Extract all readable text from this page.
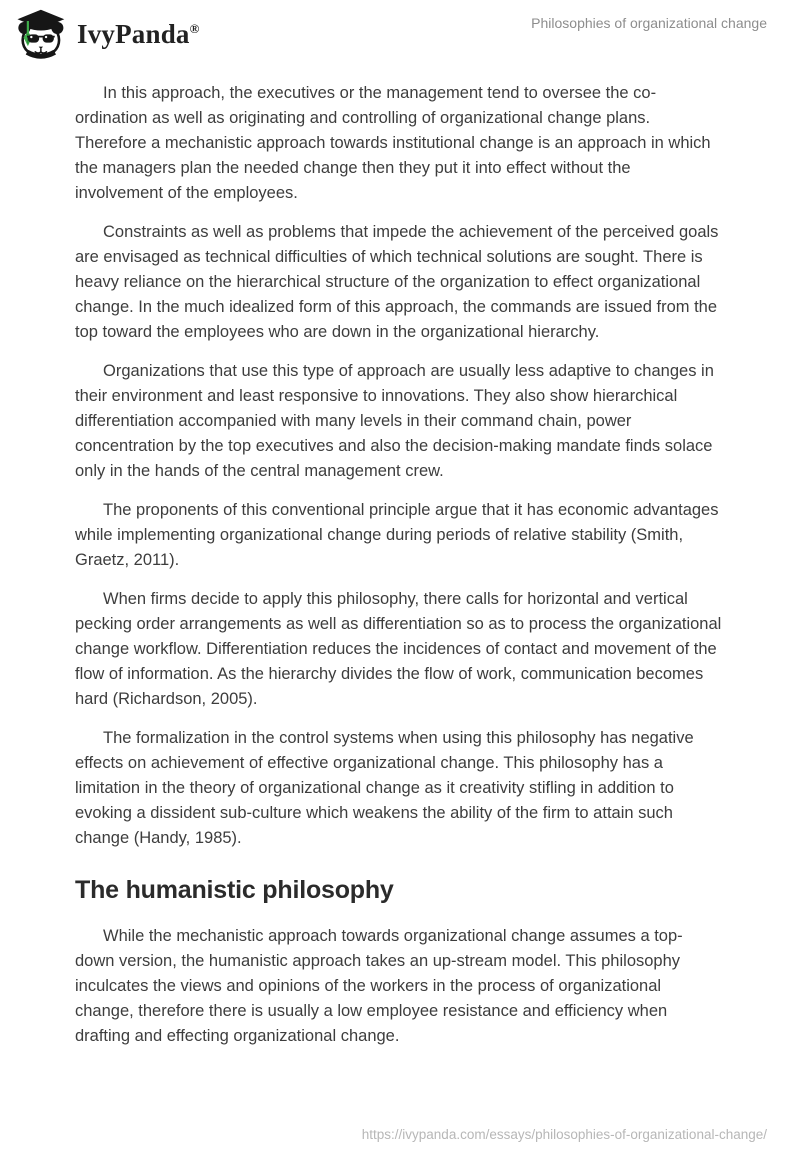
IvyPanda®	Philosophies of organizational change

In this approach, the executives or the management tend to oversee the co-ordination as well as originating and controlling of organizational change plans. Therefore a mechanistic approach towards institutional change is an approach in which the managers plan the needed change then they put it into effect without the involvement of the employees.

Constraints as well as problems that impede the achievement of the perceived goals are envisaged as technical difficulties of which technical solutions are sought. There is heavy reliance on the hierarchical structure of the organization to effect organizational change. In the much idealized form of this approach, the commands are issued from the top toward the employees who are down in the organizational hierarchy.

Organizations that use this type of approach are usually less adaptive to changes in their environment and least responsive to innovations. They also show hierarchical differentiation accompanied with many levels in their command chain, power concentration by the top executives and also the decision-making mandate finds solace only in the hands of the central management crew.

The proponents of this conventional principle argue that it has economic advantages while implementing organizational change during periods of relative stability (Smith, Graetz, 2011).

When firms decide to apply this philosophy, there calls for horizontal and vertical pecking order arrangements as well as differentiation so as to process the organizational change workflow. Differentiation reduces the incidences of contact and movement of the flow of information. As the hierarchy divides the flow of work, communication becomes hard (Richardson, 2005).

The formalization in the control systems when using this philosophy has negative effects on achievement of effective organizational change. This philosophy has a limitation in the theory of organizational change as it creativity stifling in addition to evoking a dissident sub-culture which weakens the ability of the firm to attain such change (Handy, 1985).

The humanistic philosophy

While the mechanistic approach towards organizational change assumes a top-down version, the humanistic approach takes an up-stream model. This philosophy inculcates the views and opinions of the workers in the process of organizational change, therefore there is usually a low employee resistance and efficiency when drafting and effecting organizational change.

https://ivypanda.com/essays/philosophies-of-organizational-change/
